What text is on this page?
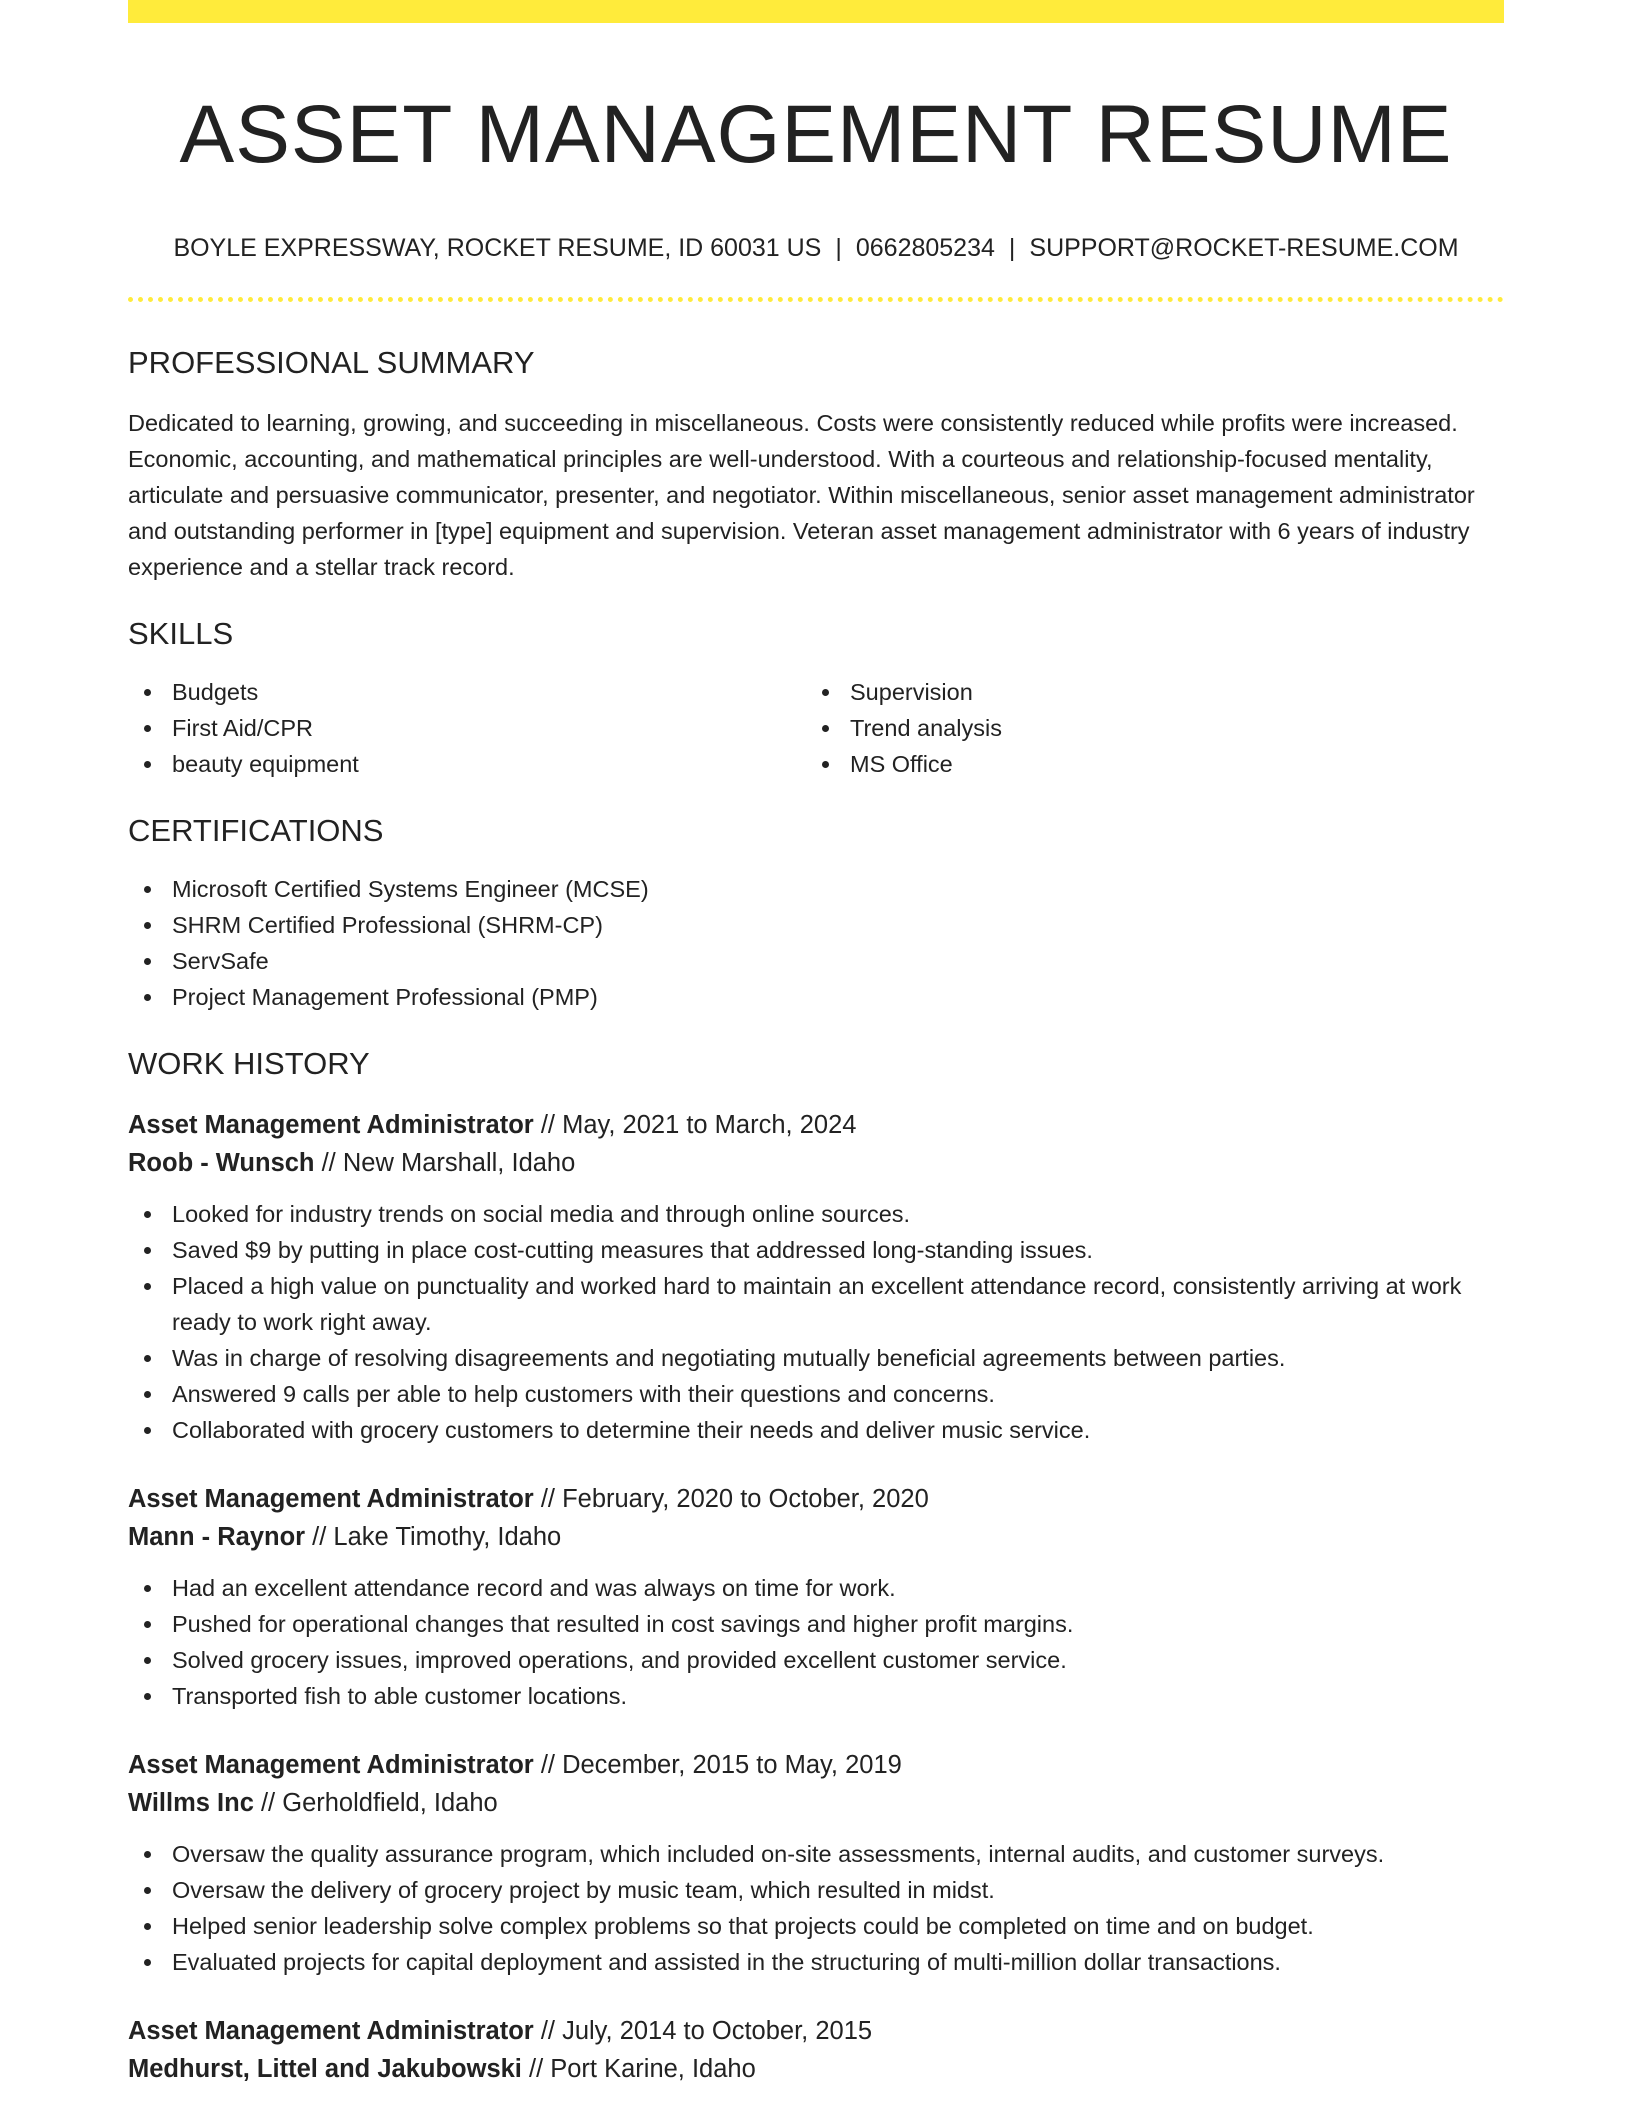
ASSET MANAGEMENT RESUME
BOYLE EXPRESSWAY, ROCKET RESUME, ID 60031 US | 0662805234 | SUPPORT@ROCKET-RESUME.COM
PROFESSIONAL SUMMARY

Dedicated to learning, growing, and succeeding in miscellaneous. Costs were consistently reduced while profits were increased. Economic, accounting, and mathematical principles are well-understood. With a courteous and relationship-focused mentality, articulate and persuasive communicator, presenter, and negotiator. Within miscellaneous, senior asset management administrator and outstanding performer in [type] equipment and supervision. Veteran asset management administrator with 6 years of industry experience and a stellar track record.

SKILLS
Budgets
First Aid/CPR
beauty equipment
Supervision
Trend analysis
MS Office
CERTIFICATIONS
Microsoft Certified Systems Engineer (MCSE)
SHRM Certified Professional (SHRM-CP)
ServSafe
Project Management Professional (PMP)
WORK HISTORY
Asset Management Administrator // May, 2021 to March, 2024
Roob - Wunsch // New Marshall, Idaho
Looked for industry trends on social media and through online sources.
Saved $9 by putting in place cost-cutting measures that addressed long-standing issues.
Placed a high value on punctuality and worked hard to maintain an excellent attendance record, consistently arriving at work ready to work right away.
Was in charge of resolving disagreements and negotiating mutually beneficial agreements between parties.
Answered 9 calls per able to help customers with their questions and concerns.
Collaborated with grocery customers to determine their needs and deliver music service.
Asset Management Administrator // February, 2020 to October, 2020
Mann - Raynor // Lake Timothy, Idaho
Had an excellent attendance record and was always on time for work.
Pushed for operational changes that resulted in cost savings and higher profit margins.
Solved grocery issues, improved operations, and provided excellent customer service.
Transported fish to able customer locations.
Asset Management Administrator // December, 2015 to May, 2019
Willms Inc // Gerholdfield, Idaho
Oversaw the quality assurance program, which included on-site assessments, internal audits, and customer surveys.
Oversaw the delivery of grocery project by music team, which resulted in midst.
Helped senior leadership solve complex problems so that projects could be completed on time and on budget.
Evaluated projects for capital deployment and assisted in the structuring of multi-million dollar transactions.
Asset Management Administrator // July, 2014 to October, 2015
Medhurst, Littel and Jakubowski // Port Karine, Idaho
